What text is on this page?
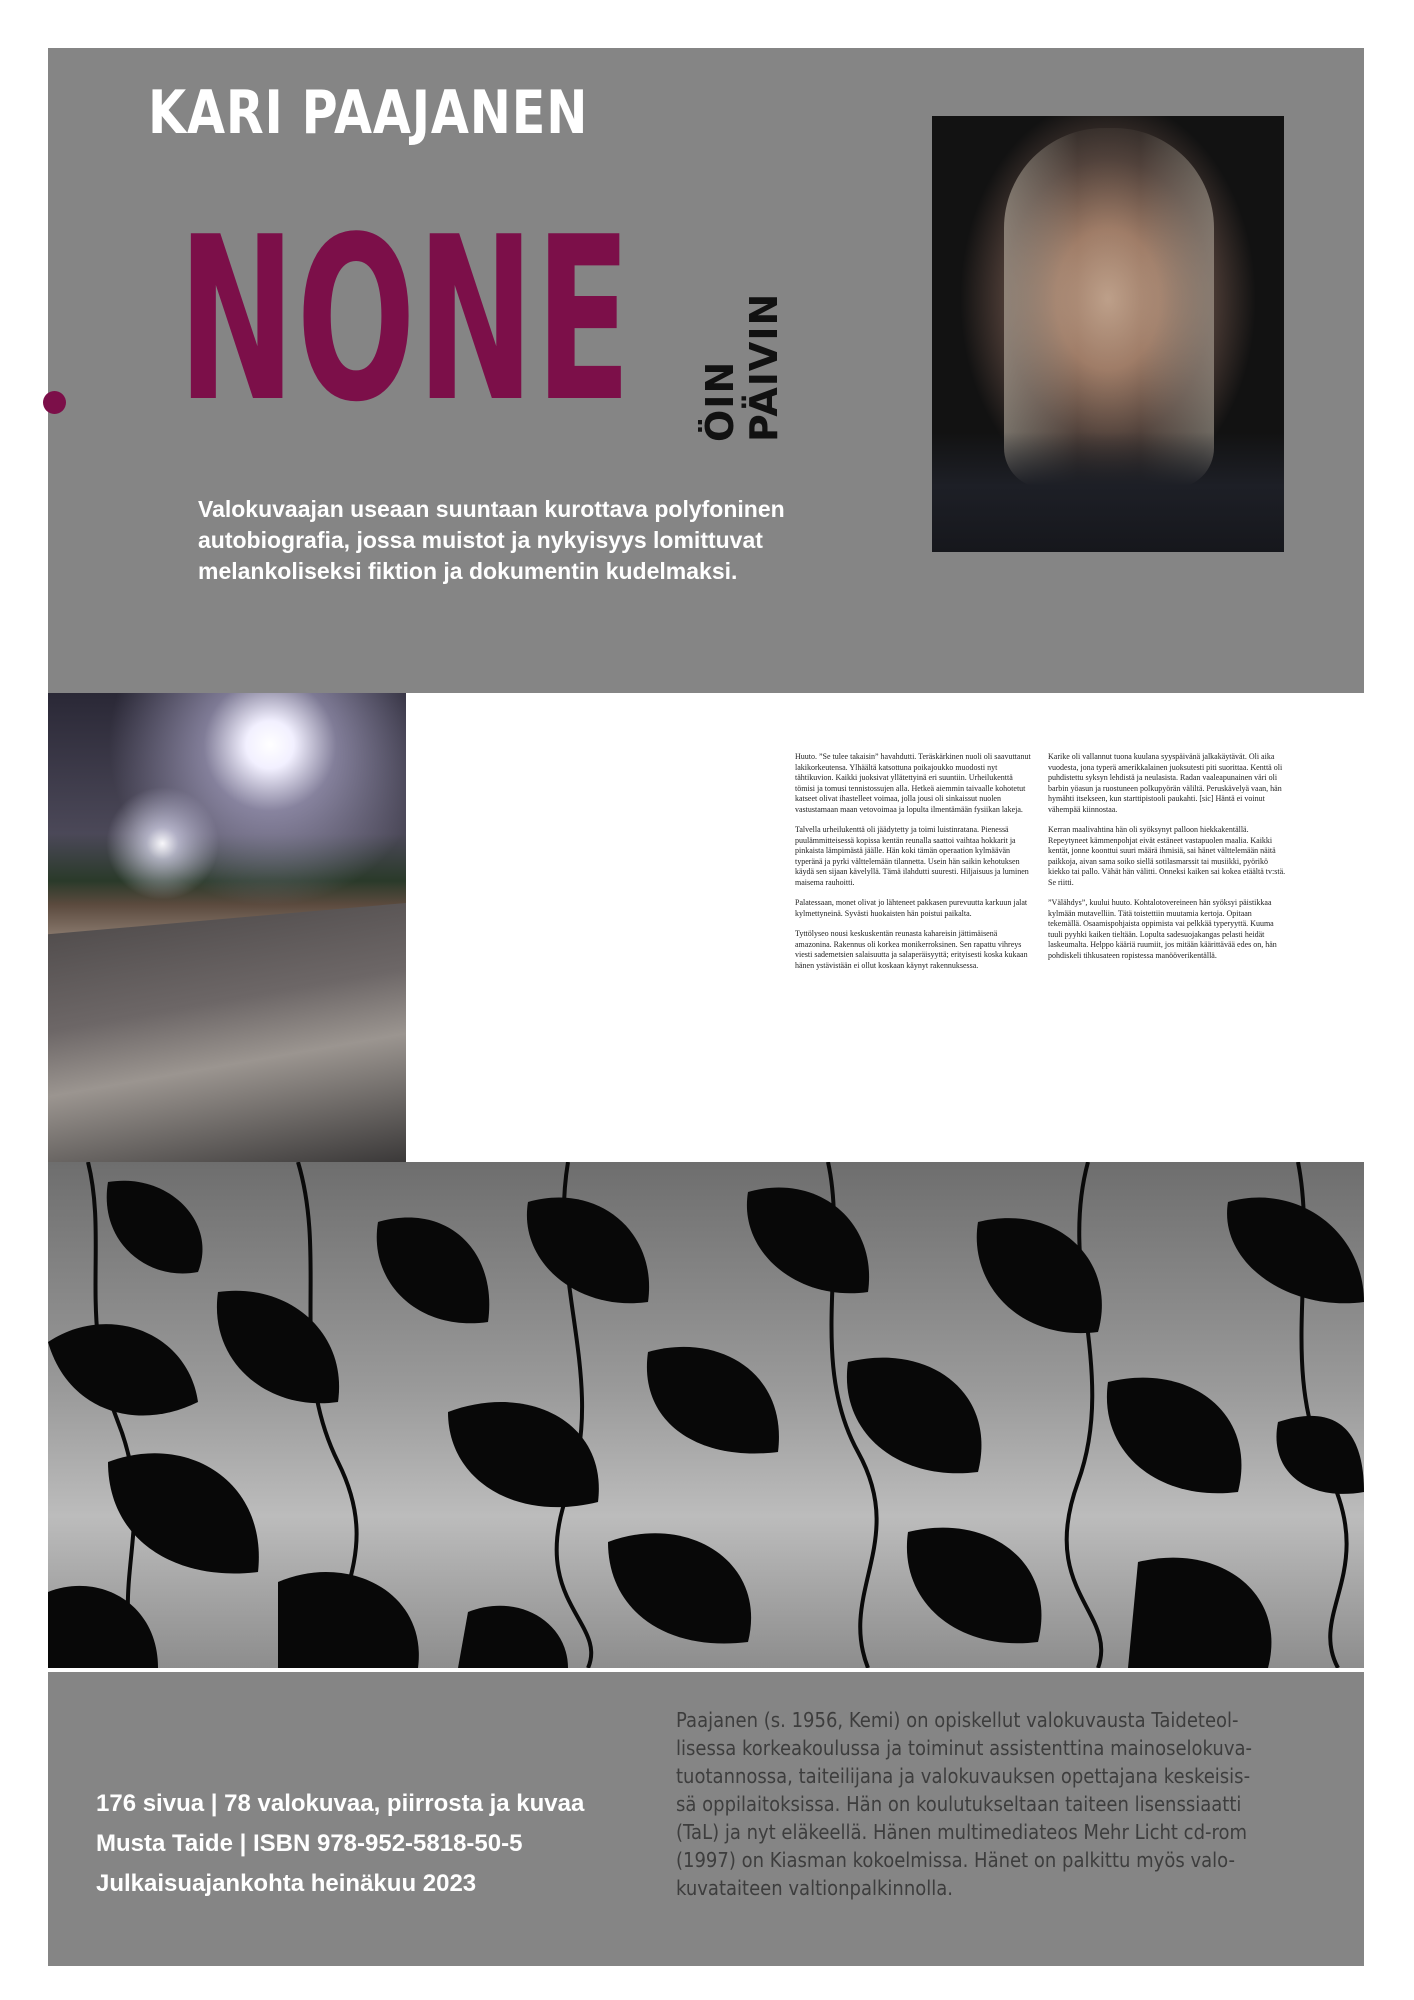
KARI PAAJANEN
NONE ÖIN PÄIVIN

Valokuvaajan useaan suuntaan kurottava polyfoninen autobiografia, jossa muistot ja nykyisyys lomittuvat melankoliseksi fiktion ja dokumentin kudelmaksi.

Huuto. ”Se tulee takaisin” havahdutti. Teräskärkinen nuoli oli saavuttanut lakikorkeutensa. Ylhäältä katsottuna poikajoukko muodosti nyt tähtikuvion. Kaikki juoksivat yllätettyinä eri suuntiin. Urheilukenttä tömisi ja tomusi tennistossujen alla. Hetkeä aiemmin taivaalle kohotetut katseet olivat ihastelleet voimaa, jolla jousi oli sinkaissut nuolen vastustamaan maan vetovoimaa ja lopulta ilmentämään fysiikan lakeja.

Talvella urheilukenttä oli jäädytetty ja toimi luistinratana. Pienessä puulämmitteisessä kopissa kentän reunalla saattoi vaihtaa hokkarit ja pinkaista lämpimästä jäälle. Hän koki tämän operaation kylmäävän typeränä ja pyrki välttelemään tilannetta. Usein hän saikin kehotuksen käydä sen sijaan kävelyllä. Tämä ilahdutti suuresti. Hiljaisuus ja luminen maisema rauhoitti.

Palatessaan, monet olivat jo lähteneet pakkasen purevuutta karkuun jalat kylmettyneinä. Syvästi huokaisten hän poistui paikalta.

Tyttölyseo nousi keskuskentän reunasta kahareisin jättimäisenä amazonina. Rakennus oli korkea monikerroksinen. Sen rapattu vihreys viesti sademetsien salaisuutta ja salaperäisyyttä; erityisesti koska kukaan hänen ystävistään ei ollut koskaan käynyt rakennuksessa.

Karike oli vallannut tuona kuulana syyspäivänä jalkakäytävät. Oli aika vuodesta, jona typerä amerikkalainen juoksutesti piti suorittaa. Kenttä oli puhdistettu syksyn lehdistä ja neulasista. Radan vaaleapunainen väri oli barbin yöasun ja ruostuneen polkupyörän väliltä. Peruskävelyä vaan, hän hymähti itsekseen, kun starttipistooli paukahti. [sic] Häntä ei voinut vähempää kiinnostaa.

Kerran maalivahtina hän oli syöksynyt palloon hiekkakentällä. Repeytyneet kämmenpohjat eivät estäneet vastapuolen maalia. Kaikki kentät, jonne koonttui suuri määrä ihmisiä, sai hänet välttelemään näitä paikkoja, aivan sama soiko siellä sotilasmarssit tai musiikki, pyörikö kiekko tai pallo. Vähät hän välitti. Onneksi kaiken sai kokea etäältä tv:stä. Se riitti.

”Välähdys”, kuului huuto. Kohtalotovereineen hän syöksyi päistikkaa kylmään mutavelliin. Tätä toistettiin muutamia kertoja. Opitaan tekemällä. Osaamispohjaista oppimista vai pelkkää typeryyttä. Kuuma tuuli pyyhki kaiken tieltään. Lopulta sadesuojakangas pelasti heidät laskeumalta. Helppo kääriä ruumiit, jos mitään käärittävää edes on, hän pohdiskeli tihkusateen ropistessa manööverikentällä.

176 sivua | 78 valokuvaa, piirrosta ja kuvaa
Musta Taide | ISBN 978-952-5818-50-5
Julkaisuajankohta heinäkuu 2023
Paajanen (s. 1956, Kemi) on opiskellut valokuvausta Taideteol-
lisessa korkeakoulussa ja toiminut assistenttina mainoselokuva-
tuotannossa, taiteilijana ja valokuvauksen opettajana keskeisis-
sä oppilaitoksissa. Hän on koulutukseltaan taiteen lisenssiaatti
(TaL) ja nyt eläkeellä. Hänen multimediateos Mehr Licht cd-rom
(1997) on Kiasman kokoelmissa. Hänet on palkittu myös valo-
kuvataiteen valtionpalkinnolla.
